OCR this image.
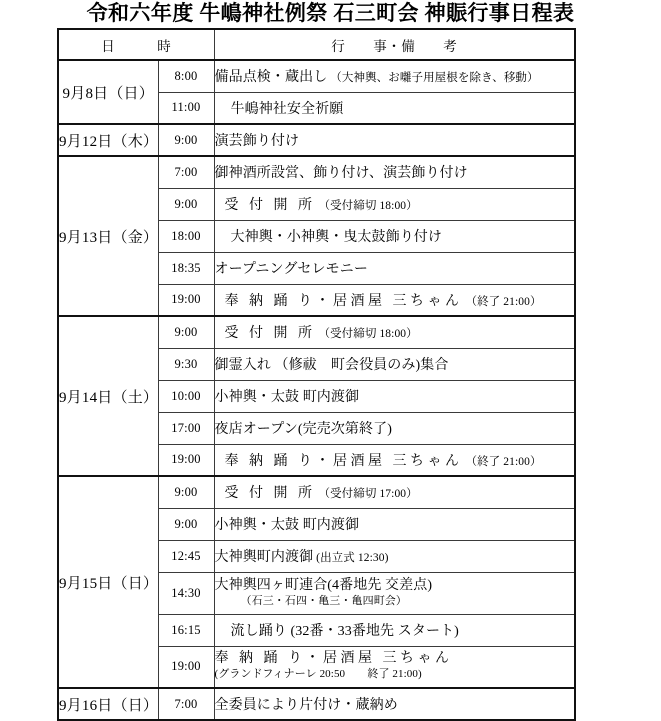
令和六年度 牛嶋神社例祭 石三町会 神賑行事日程表
日　　　時		行　　事・備　　考
9月8日（日）	8:00	備品点検・蔵出し （大神輿、お囃子用屋根を除き、移動）
	11:00	牛嶋神社安全祈願
9月12日（木）	9:00	演芸飾り付け
9月13日（金）	7:00	御神酒所設営、飾り付け、演芸飾り付け
	9:00	受 付 開 所 （受付締切 18:00）
	18:00	大神輿・小神輿・曳太鼓飾り付け
	18:35	オープニングセレモニー
	19:00	奉 納 踊 り・居酒屋 三ちゃん （終了 21:00）
9月14日（土）	9:00	受 付 開 所 （受付締切 18:00）
	9:30	御霊入れ （修祓　町会役員のみ)集合
	10:00	小神輿・太鼓 町内渡御
	17:00	夜店オープン(完売次第終了)
	19:00	奉 納 踊 り・居酒屋 三ちゃん （終了 21:00）
9月15日（日）	9:00	受 付 開 所 （受付締切 17:00）
	9:00	小神輿・太鼓 町内渡御
	12:45	大神輿町内渡御 (出立式 12:30)
	14:30	大神輿四ヶ町連合(4番地先 交差点)
（石三・石四・亀三・亀四町会）

	16:15	流し踊り (32番・33番地先 スタート)
	19:00	奉 納 踊 り・居酒屋 三ちゃん
(グランドフィナーレ 20:50　　終了 21:00)

9月16日（日）	7:00	全委員により片付け・蔵納め
